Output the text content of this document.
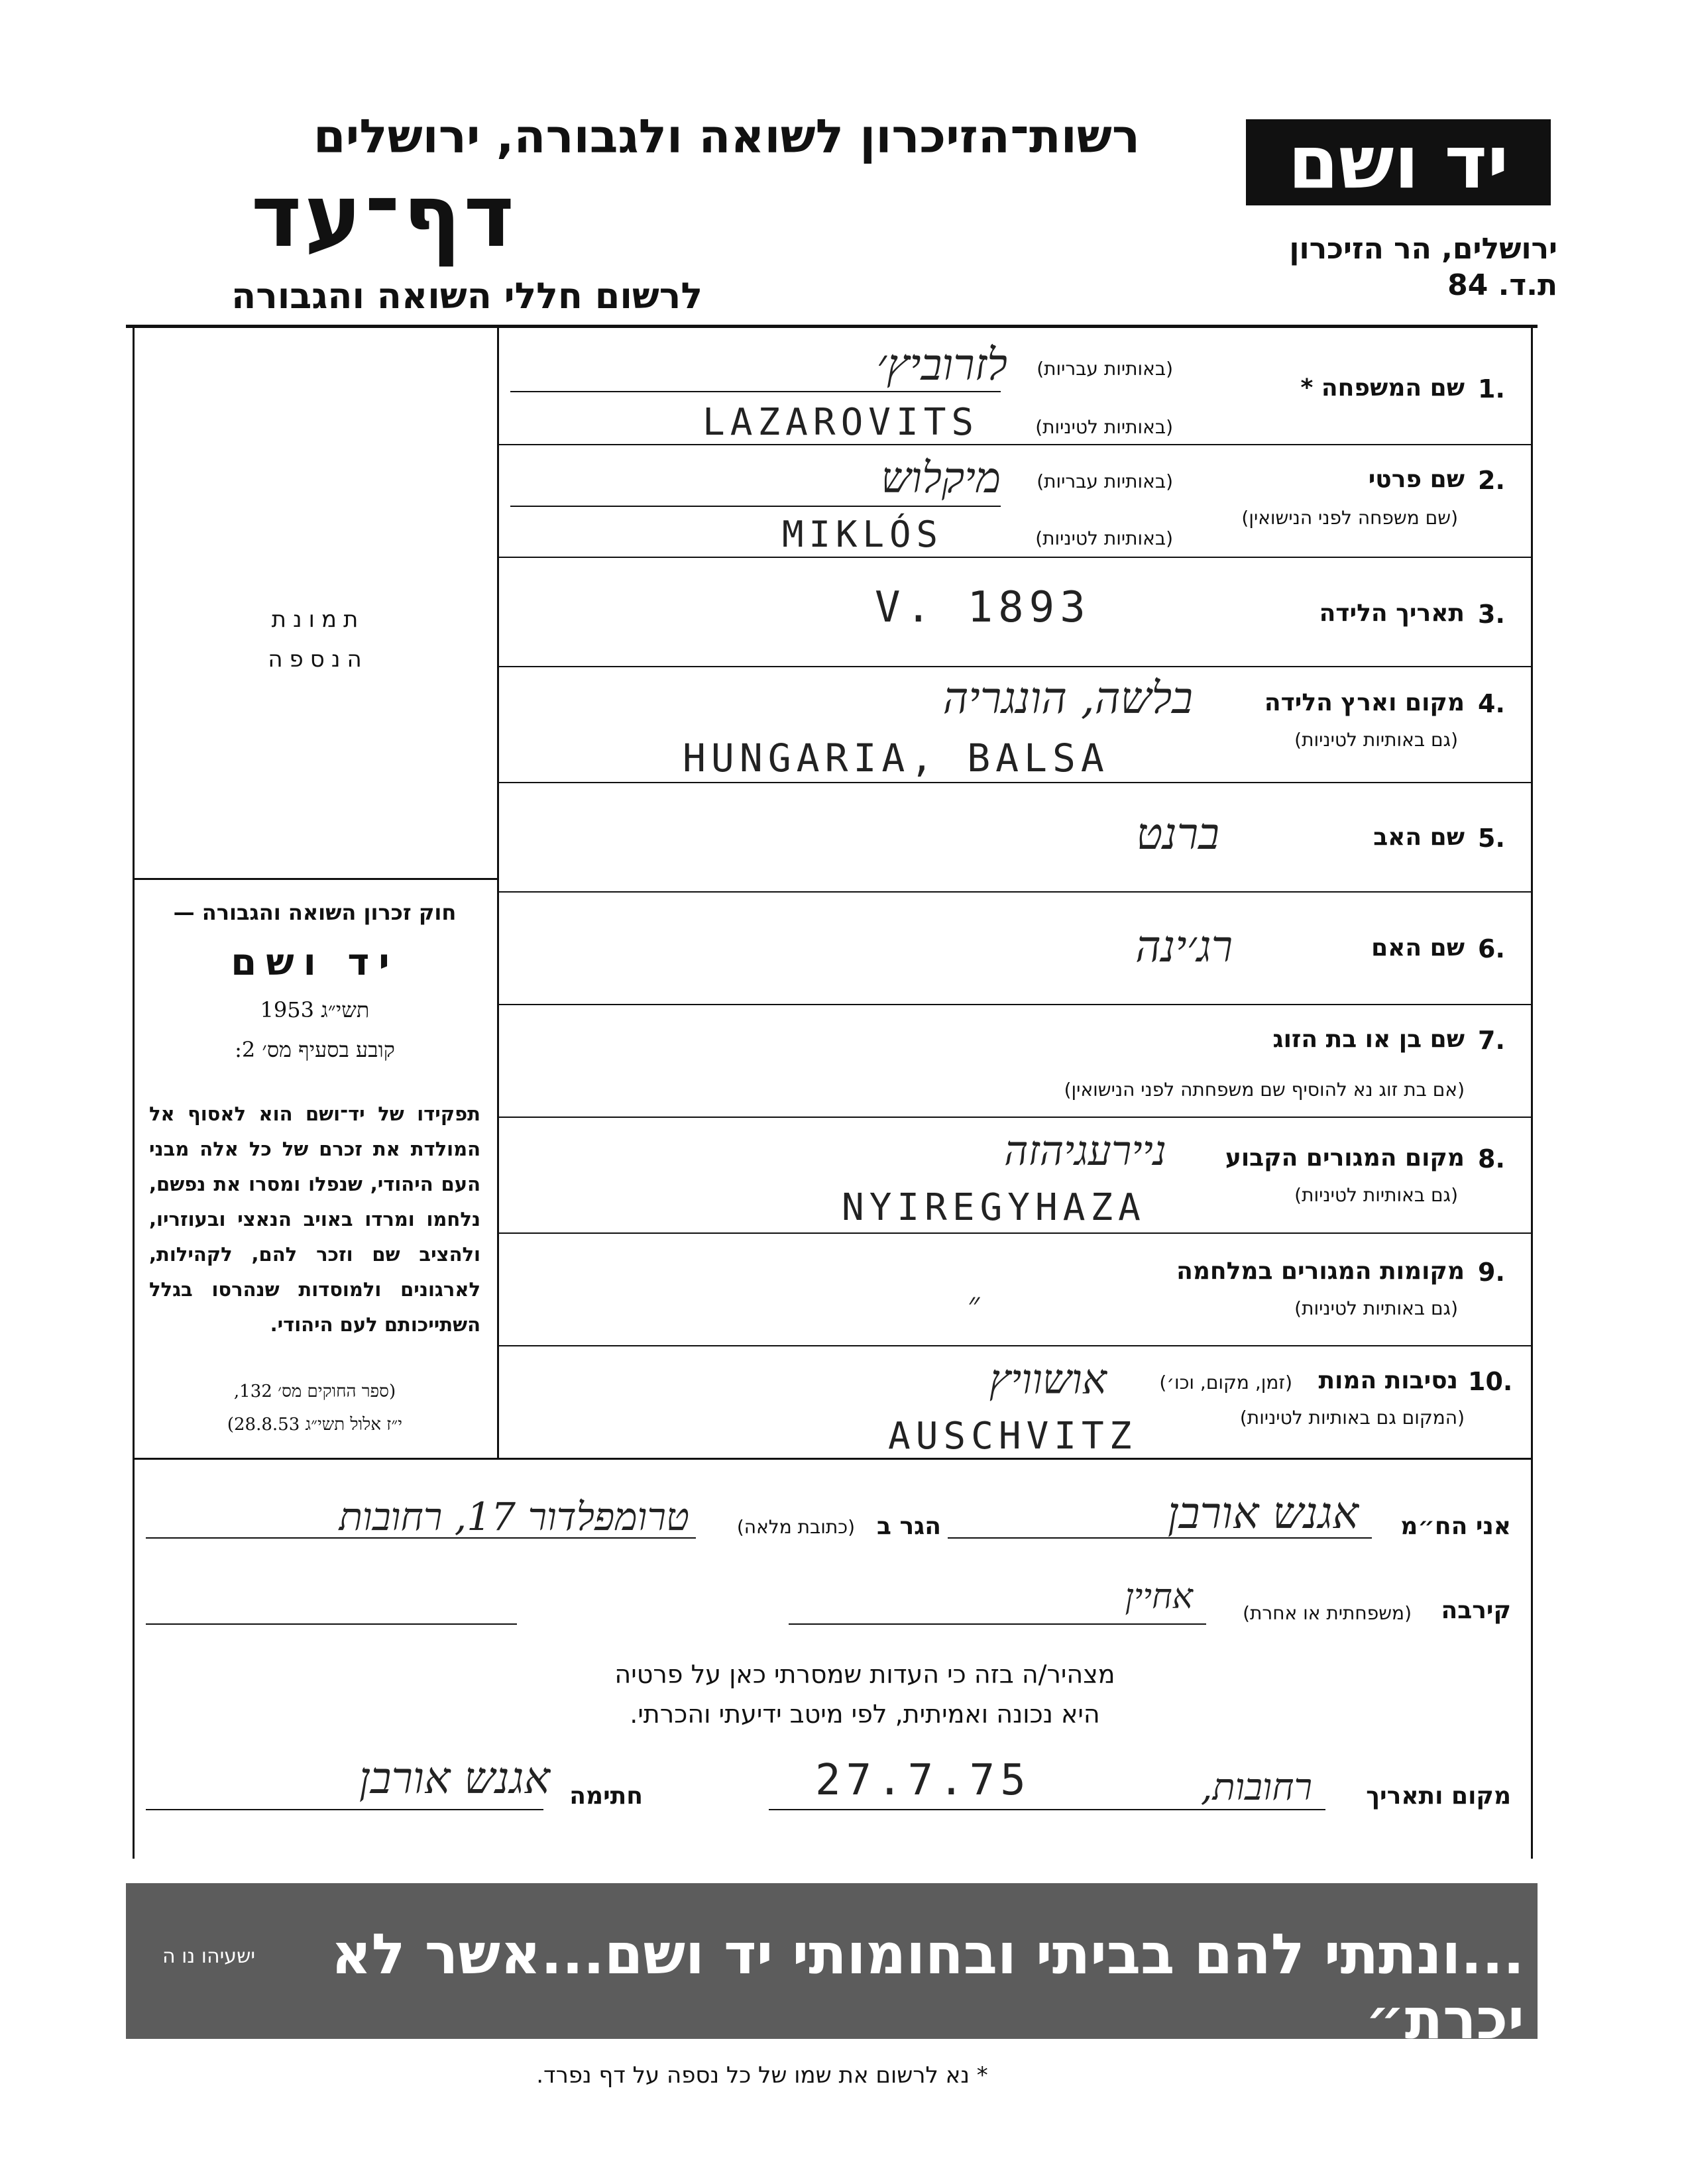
יד ושם
ירושלים, הר הזיכרון
ת.ד. 84
רשות־הזיכרון לשואה ולגבורה, ירושלים
דף־עד
לרשום חללי השואה והגבורה
תמונת
הנספה
חוק זכרון השואה והגבורה —
יד ושם
תשי״ג 1953
קובע בסעיף מס׳ 2:
תפקידו של יד־ושם הוא לאסוף אל המולדת את זכרם של כל אלה מבני העם היהודי, שנפלו ומסרו את נפשם, נלחמו ומרדו באויב הנאצי ובעוזריו, ולהציב שם וזכר להם, לקהילות, לארגונים ולמוסדות שנהרסו בגלל השתייכותם לעם היהודי.
(ספר החוקים מס׳ 132,
י״ז אלול תשי״ג 28.8.53)
1.
שם המשפחה *
(באותיות עבריות)
(באותיות לטיניות)
לזרוביץ׳
LAZAROVITS
2.
שם פרטי
(שם משפחה לפני הנישואין)
(באותיות עבריות)
(באותיות לטיניות)
מיקלוש
MIKLÓS
3.
תאריך הלידה
V. 1893
4.
מקום וארץ הלידה
(גם באותיות לטיניות)
בלשה, הונגריה
HUNGARIA, BALSA
5.
שם האב
ברנט
6.
שם האם
רג׳ינה
7.
שם בן או בת הזוג
(אם בת זוג נא להוסיף שם משפחתה לפני הנישואין)
8.
מקום המגורים הקבוע
(גם באותיות לטיניות)
ניירעגיהזה
NYIREGYHAZA
9.
מקומות המגורים במלחמה
(גם באותיות לטיניות)
״
10.
נסיבות המות
(זמן, מקום, וכו׳)
(המקום גם באותיות לטיניות)
אושוויץ
AUSCHVITZ
אני הח״מ
אגנש אורבן
הגר ב
(כתובת מלאה)
טרומפלדור 17, רחובות
קירבה
(משפחתית או אחרת)
אחיין
מצהיר/ה בזה כי העדות שמסרתי כאן על פרטיה
היא נכונה ואמיתית, לפי מיטב ידיעתי והכרתי.
מקום ותאריך
רחובות,
27.7.75
חתימה
אגנש אורבן
...ונתתי להם בביתי ובחומותי יד ושם...אשר לא יכרת״
ישעיהו נו ה
* נא לרשום את שמו של כל נספה על דף נפרד.
